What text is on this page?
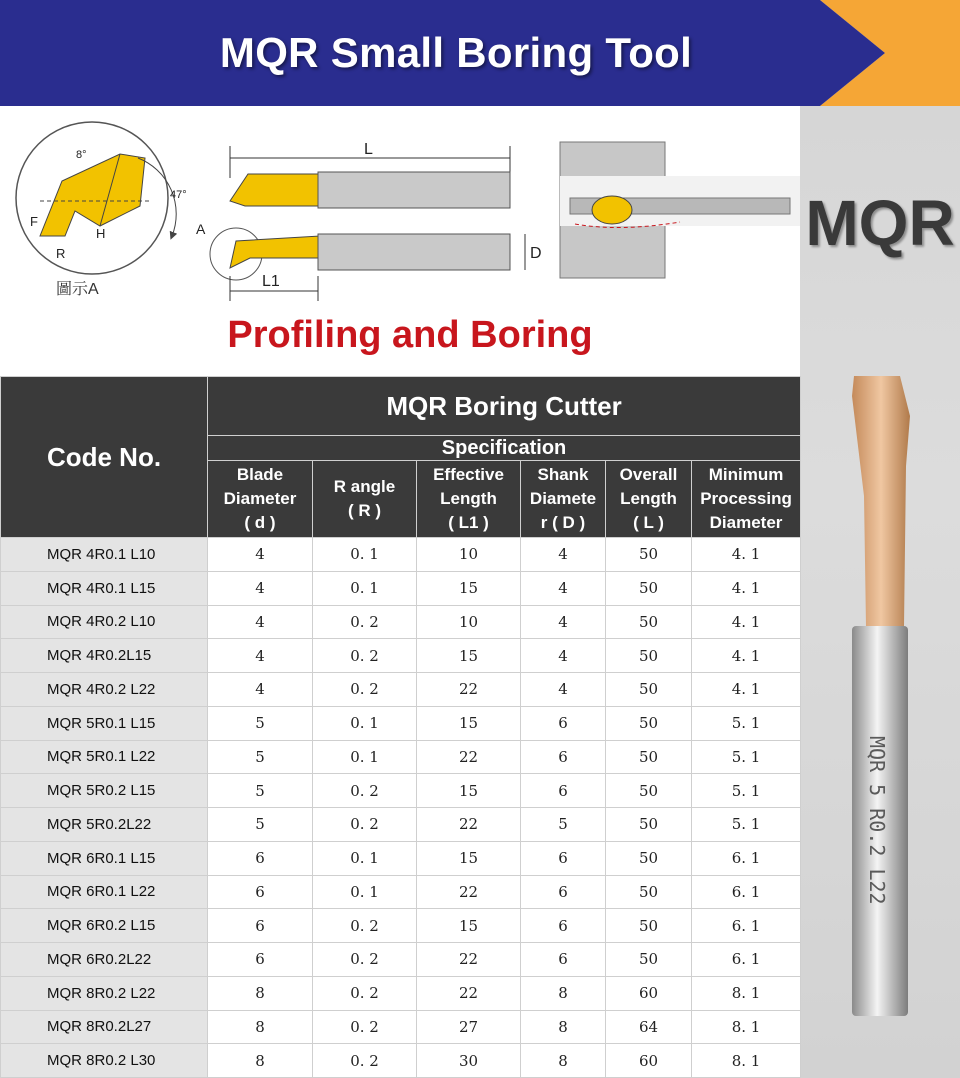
MQR Small Boring Tool
MQR
F
H
R
8°
47°
圖示A
L
L1
D
A
Profiling and Boring
Code No.	MQR Boring Cutter					
	Specification					

	Blade
Diameter
( d )	R angle
( R )	Effective
Length
( L1 )	Shank
Diamete
r ( D )	Overall
Length
( L )	Minimum
Processing
Diameter

MQR 4R0.1 L10	4	0. 1	10	4	50	4. 1
MQR 4R0.1 L15	4	0. 1	15	4	50	4. 1
MQR 4R0.2 L10	4	0. 2	10	4	50	4. 1
MQR 4R0.2L15	4	0. 2	15	4	50	4. 1
MQR 4R0.2 L22	4	0. 2	22	4	50	4. 1
MQR 5R0.1 L15	5	0. 1	15	6	50	5. 1
MQR 5R0.1 L22	5	0. 1	22	6	50	5. 1
MQR 5R0.2 L15	5	0. 2	15	6	50	5. 1
MQR 5R0.2L22	5	0. 2	22	5	50	5. 1
MQR 6R0.1 L15	6	0. 1	15	6	50	6. 1
MQR 6R0.1 L22	6	0. 1	22	6	50	6. 1
MQR 6R0.2 L15	6	0. 2	15	6	50	6. 1
MQR 6R0.2L22	6	0. 2	22	6	50	6. 1
MQR 8R0.2 L22	8	0. 2	22	8	60	8. 1
MQR 8R0.2L27	8	0. 2	27	8	64	8. 1
MQR 8R0.2 L30	8	0. 2	30	8	60	8. 1
MQR 5 R0.2 L22
